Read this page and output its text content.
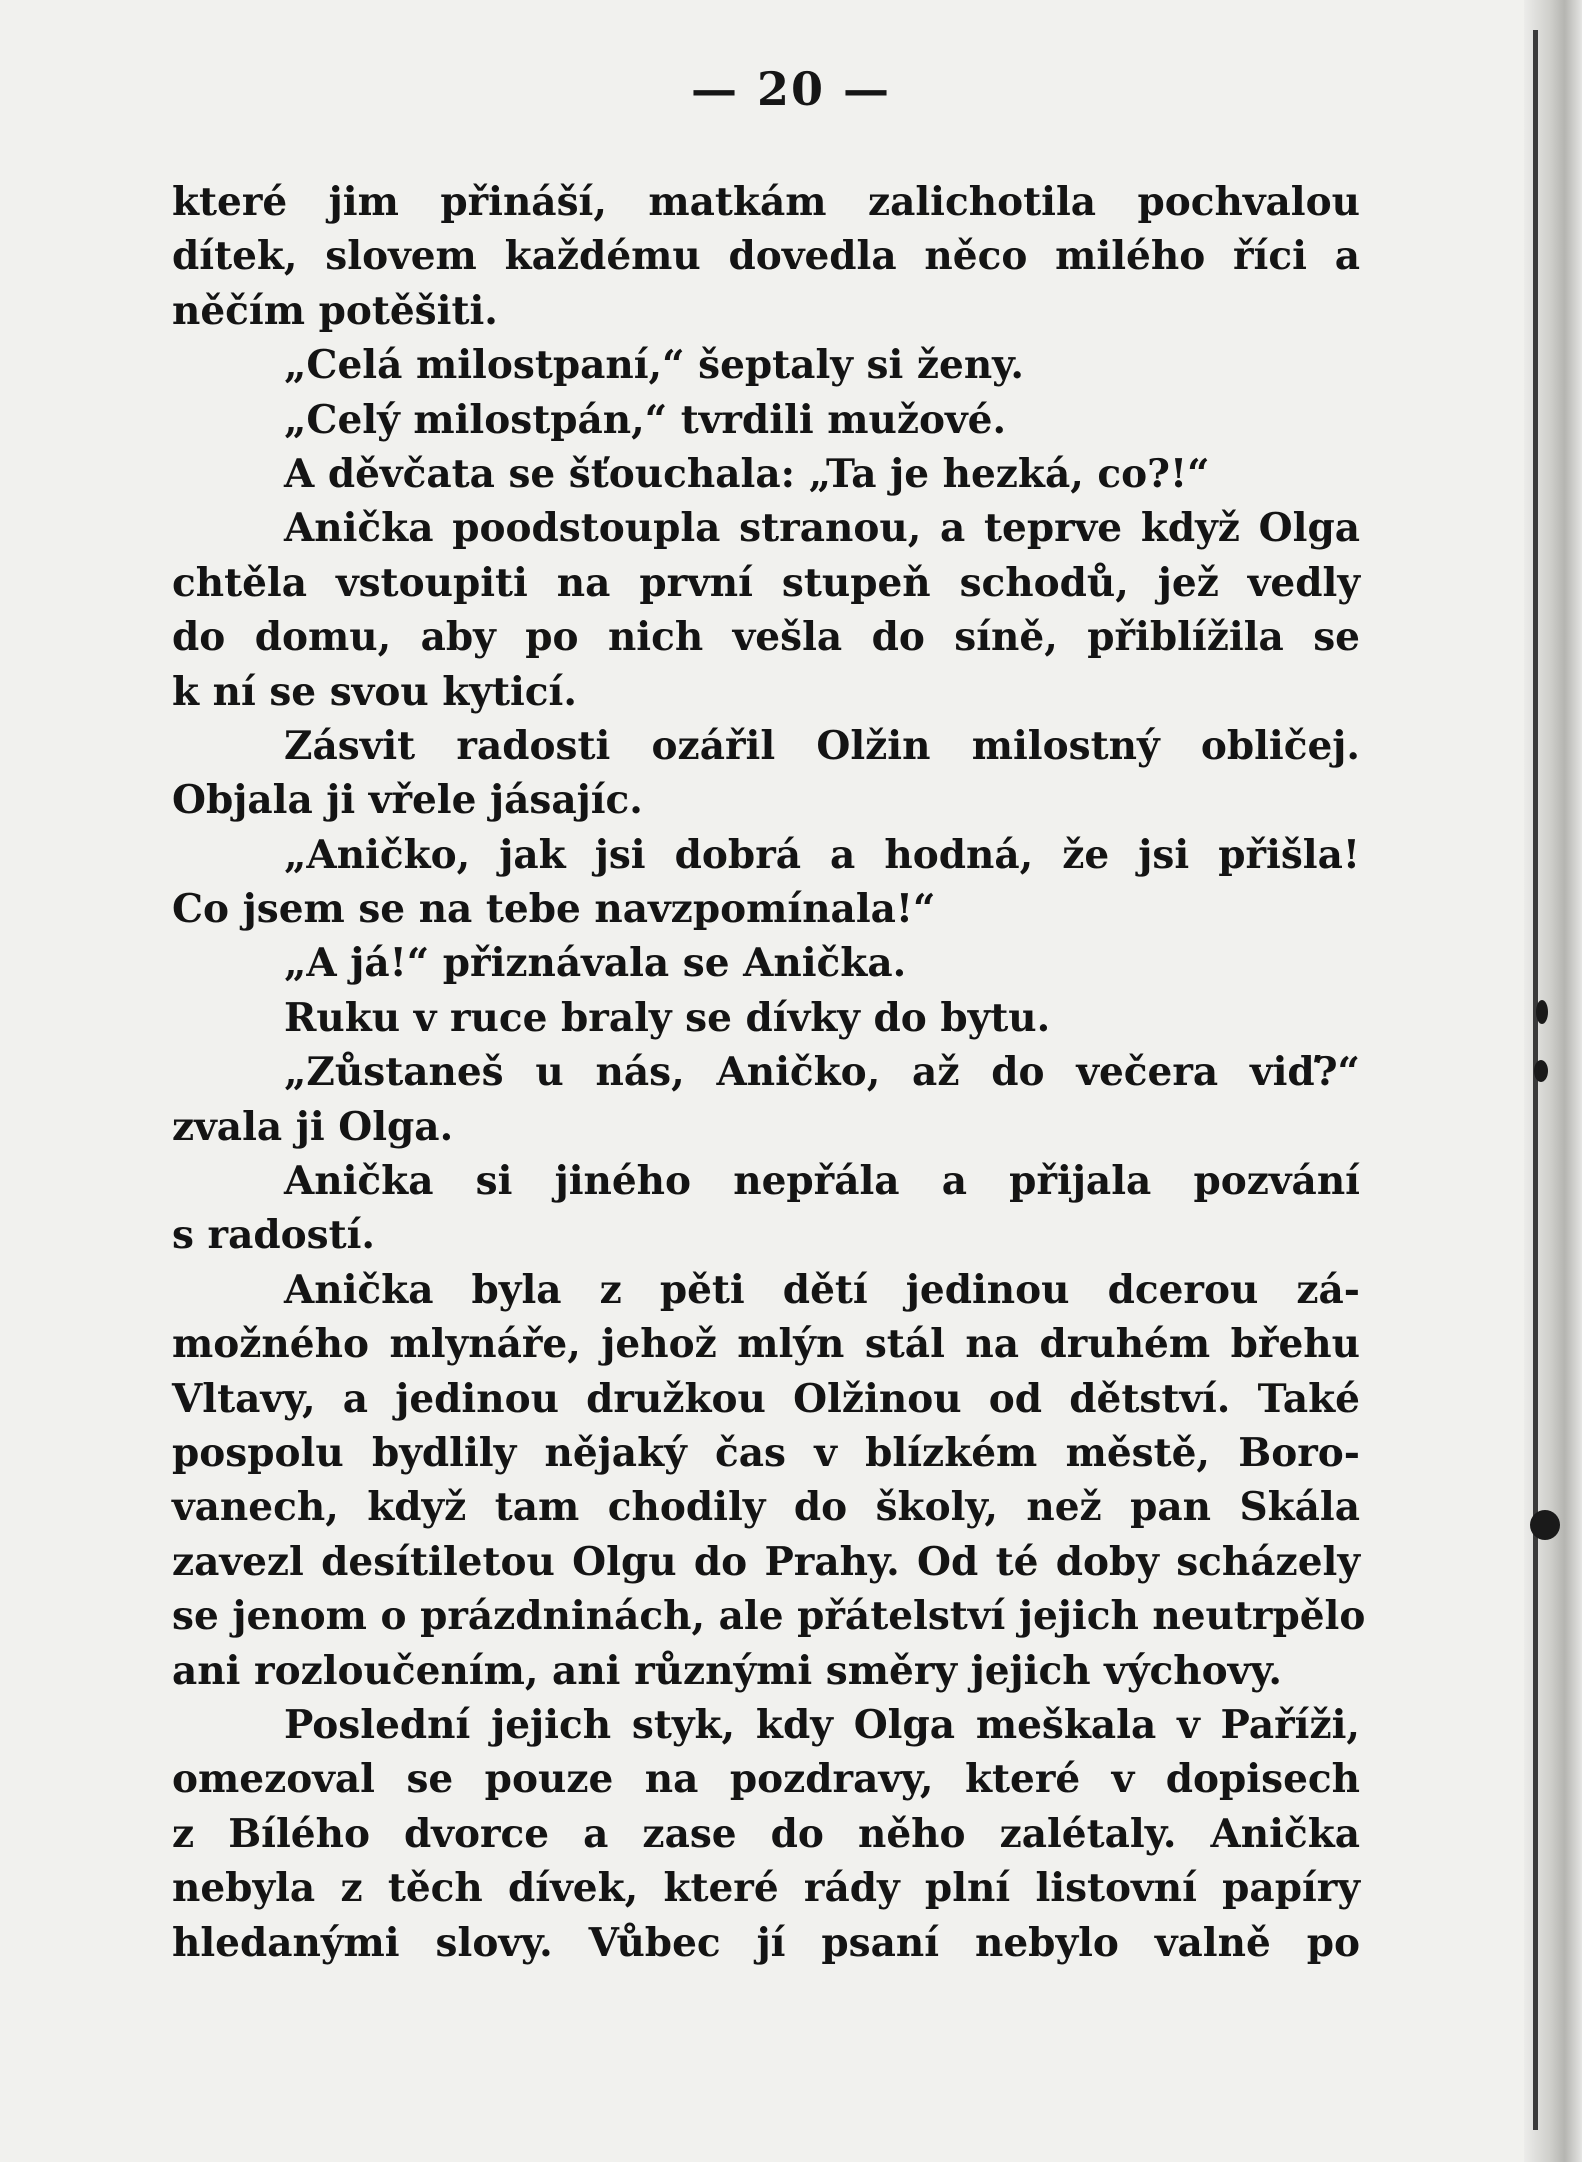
— 20 —
které jim přináší, matkám zalichotila pochvalou
dítek, slovem každému dovedla něco milého říci a
něčím potěšiti.
„Celá milostpaní,“ šeptaly si ženy.
„Celý milostpán,“ tvrdili mužové.
A děvčata se šťouchala: „Ta je hezká, co?!“
Anička poodstoupla stranou, a teprve když Olga
chtěla vstoupiti na první stupeň schodů, jež vedly
do domu, aby po nich vešla do síně, přiblížila se
k ní se svou kyticí.
Zásvit radosti ozářil Olžin milostný obličej.
Objala ji vřele jásajíc.
„Aničko, jak jsi dobrá a hodná, že jsi přišla!
Co jsem se na tebe navzpomínala!“
„A já!“ přiznávala se Anička.
Ruku v ruce braly se dívky do bytu.
„Zůstaneš u nás, Aničko, až do večera viď?“
zvala ji Olga.
Anička si jiného nepřála a přijala pozvání
s radostí.
Anička byla z pěti dětí jedinou dcerou zá-
možného mlynáře, jehož mlýn stál na druhém břehu
Vltavy, a jedinou družkou Olžinou od dětství. Také
pospolu bydlily nějaký čas v blízkém městě, Boro-
vanech, když tam chodily do školy, než pan Skála
zavezl desítiletou Olgu do Prahy. Od té doby scházely
se jenom o prázdninách, ale přátelství jejich neutrpělo
ani rozloučením, ani různými směry jejich výchovy.
Poslední jejich styk, kdy Olga meškala v Paříži,
omezoval se pouze na pozdravy, které v dopisech
z Bílého dvorce a zase do něho zalétaly. Anička
nebyla z těch dívek, které rády plní listovní papíry
hledanými slovy. Vůbec jí psaní nebylo valně po
